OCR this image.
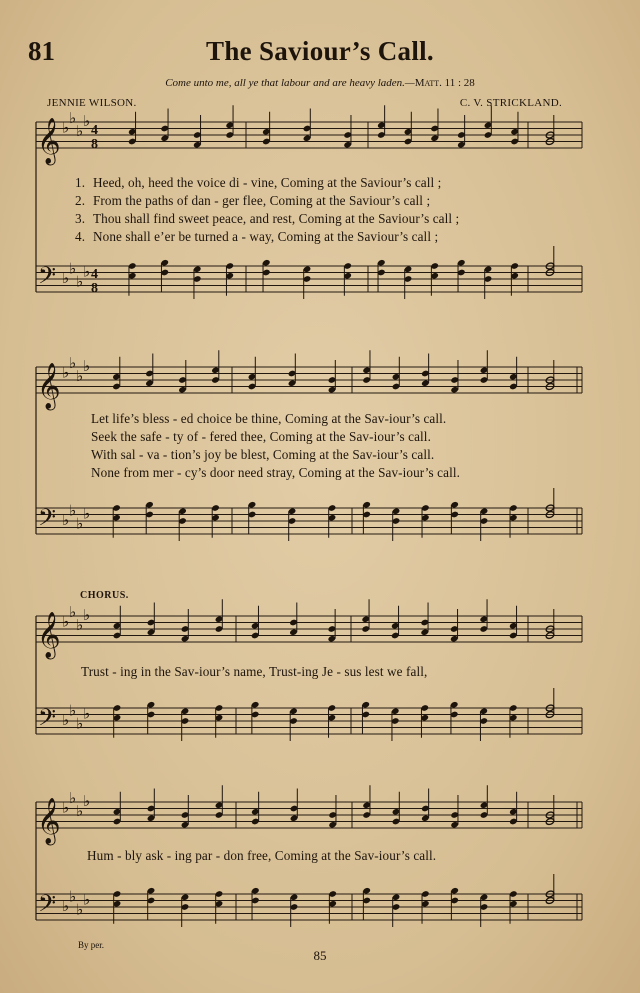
81	The Saviour’s Call.
Come unto me, all ye that labour and are heavy laden.—Matt. 11 : 28
JENNIE WILSON.	C. V. STRICKLAND.
𝄞 ♭
♭
♭
♭
4
8
𝄢 ♭
♭
♭
♭ 4
8
𝄞 ♭
♭
♭
♭
𝄢 ♭
♭
♭
♭
𝄞 ♭
♭
♭
♭
𝄢 ♭
♭
♭
♭
𝄞 ♭
♭
♭
♭
𝄢 ♭
♭
♭
♭
1. Heed, oh, heed the voice di - vine, Coming at the Saviour’s call ;
2. From the paths of dan - ger flee, Coming at the Saviour’s call ;
3. Thou shall find sweet peace, and rest, Coming at the Saviour’s call ;
4. None shall e’er be turned a - way, Coming at the Saviour’s call ;
Let life’s bless - ed choice be thine, Coming at the Sav-iour’s call.
Seek the safe - ty of - fered thee, Coming at the Sav-iour’s call.
With sal - va - tion’s joy be blest, Coming at the Sav-iour’s call.
None from mer - cy’s door need stray, Coming at the Sav-iour’s call.
CHORUS.
Trust - ing in the Sav-iour’s name, Trust-ing Je - sus lest we fall,
Hum - bly ask - ing par - don free, Coming at the Sav-iour’s call.
By per.
85
